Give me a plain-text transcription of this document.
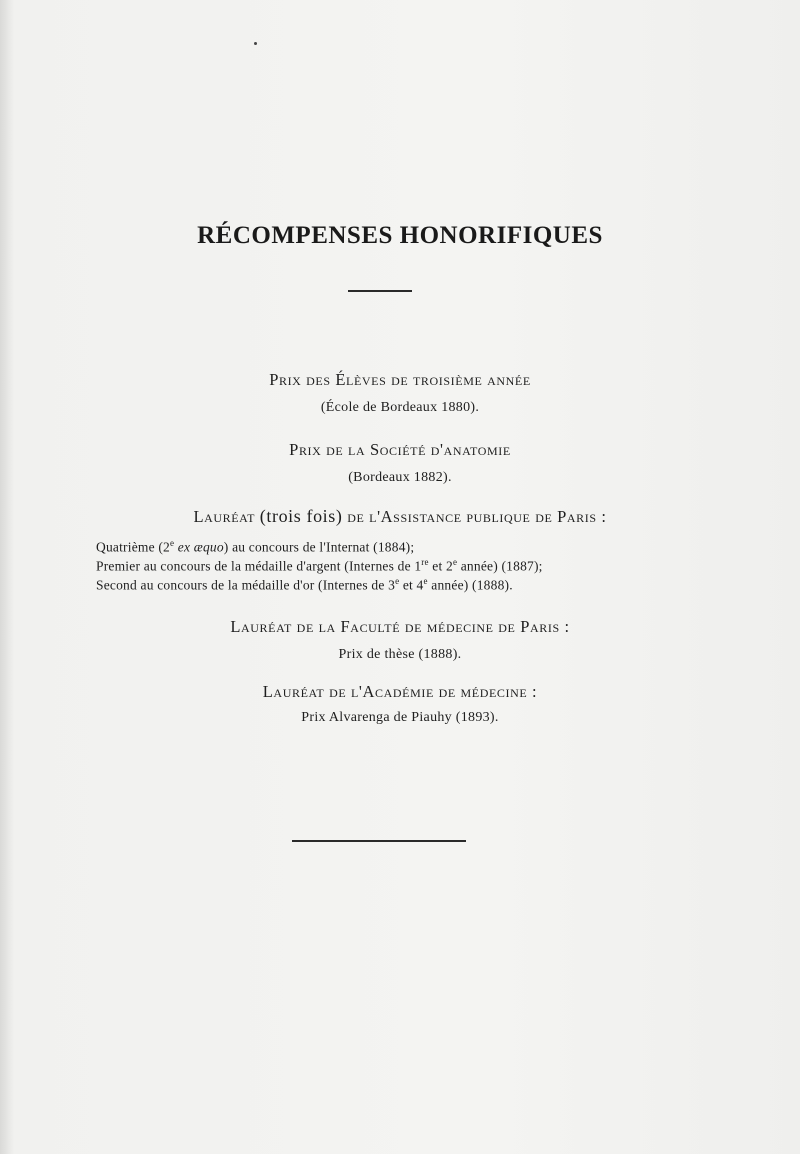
RÉCOMPENSES HONORIFIQUES
Prix des Élèves de troisième année
(École de Bordeaux 1880).
Prix de la Société d'anatomie
(Bordeaux 1882).
Lauréat (trois fois) de l'Assistance publique de Paris :
Quatrième (2e ex æquo) au concours de l'Internat (1884);
Premier au concours de la médaille d'argent (Internes de 1re et 2e année) (1887);
Second au concours de la médaille d'or (Internes de 3e et 4e année) (1888).
Lauréat de la Faculté de médecine de Paris :
Prix de thèse (1888).
Lauréat de l'Académie de médecine :
Prix Alvarenga de Piauhy (1893).
